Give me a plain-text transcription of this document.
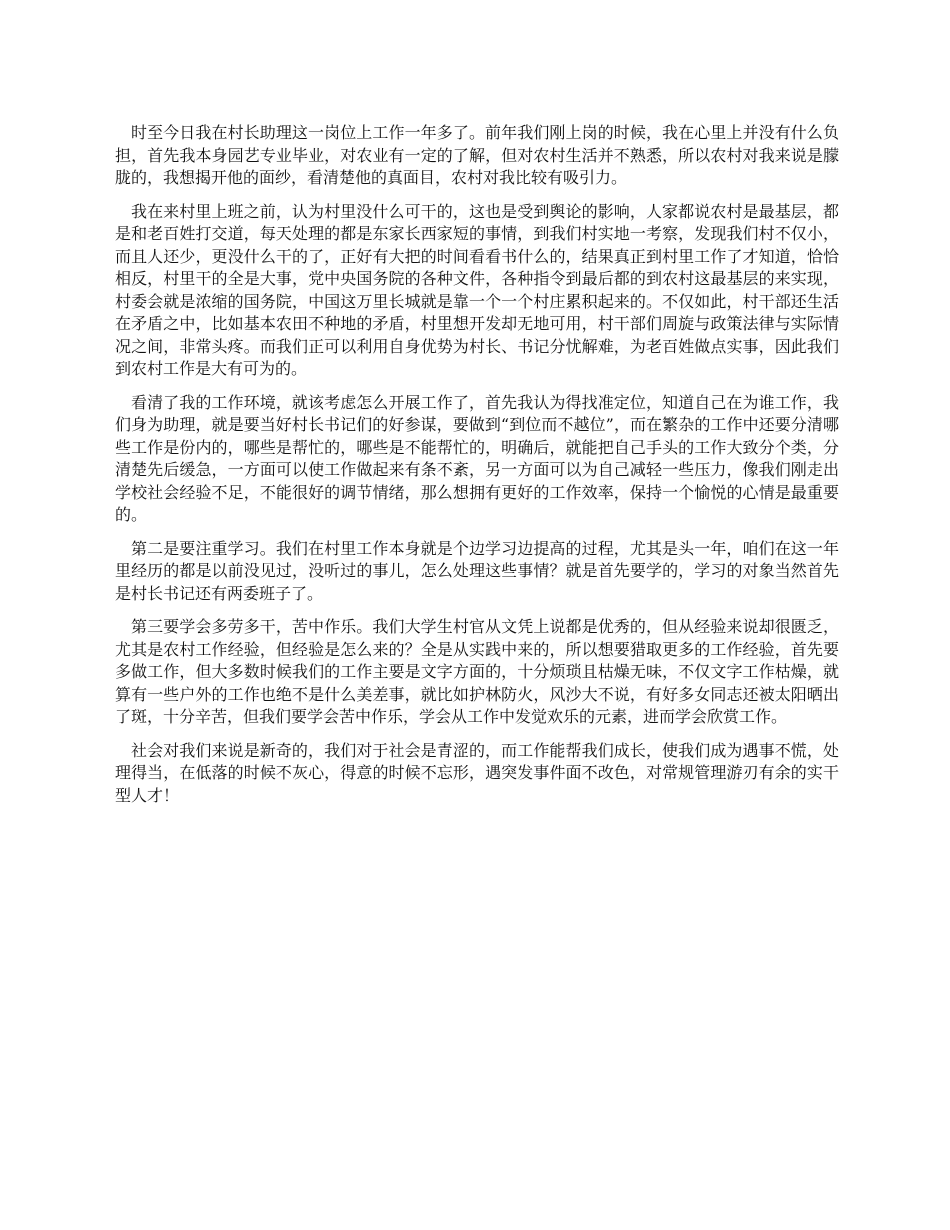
时至今日我在村长助理这一岗位上工作一年多了。前年我们刚上岗的时候，我在心里上并没有什么负担，首先我本身园艺专业毕业，对农业有一定的了解，但对农村生活并不熟悉，所以农村对我来说是朦胧的，我想揭开他的面纱，看清楚他的真面目，农村对我比较有吸引力。

我在来村里上班之前，认为村里没什么可干的，这也是受到舆论的影响，人家都说农村是最基层，都是和老百姓打交道，每天处理的都是东家长西家短的事情，到我们村实地一考察，发现我们村不仅小，而且人还少，更没什么干的了，正好有大把的时间看看书什么的，结果真正到村里工作了才知道，恰恰相反，村里干的全是大事，党中央国务院的各种文件，各种指令到最后都的到农村这最基层的来实现，村委会就是浓缩的国务院，中国这万里长城就是靠一个一个村庄累积起来的。不仅如此，村干部还生活在矛盾之中，比如基本农田不种地的矛盾，村里想开发却无地可用，村干部们周旋与政策法律与实际情况之间，非常头疼。而我们正可以利用自身优势为村长、书记分忧解难，为老百姓做点实事，因此我们到农村工作是大有可为的。

看清了我的工作环境，就该考虑怎么开展工作了，首先我认为得找准定位，知道自己在为谁工作，我们身为助理，就是要当好村长书记们的好参谋，要做到“到位而不越位”，而在繁杂的工作中还要分清哪些工作是份内的，哪些是帮忙的，哪些是不能帮忙的，明确后，就能把自己手头的工作大致分个类，分清楚先后缓急，一方面可以使工作做起来有条不紊，另一方面可以为自己减轻一些压力，像我们刚走出学校社会经验不足，不能很好的调节情绪，那么想拥有更好的工作效率，保持一个愉悦的心情是最重要的。

第二是要注重学习。我们在村里工作本身就是个边学习边提高的过程，尤其是头一年，咱们在这一年里经历的都是以前没见过，没听过的事儿，怎么处理这些事情？就是首先要学的，学习的对象当然首先是村长书记还有两委班子了。

第三要学会多劳多干，苦中作乐。我们大学生村官从文凭上说都是优秀的，但从经验来说却很匮乏，尤其是农村工作经验，但经验是怎么来的？全是从实践中来的，所以想要猎取更多的工作经验，首先要多做工作，但大多数时候我们的工作主要是文字方面的，十分烦琐且枯燥无味，不仅文字工作枯燥，就算有一些户外的工作也绝不是什么美差事，就比如护林防火，风沙大不说，有好多女同志还被太阳晒出了斑，十分辛苦，但我们要学会苦中作乐，学会从工作中发觉欢乐的元素，进而学会欣赏工作。

社会对我们来说是新奇的，我们对于社会是青涩的，而工作能帮我们成长，使我们成为遇事不慌，处理得当，在低落的时候不灰心，得意的时候不忘形，遇突发事件面不改色，对常规管理游刃有余的实干型人才！
